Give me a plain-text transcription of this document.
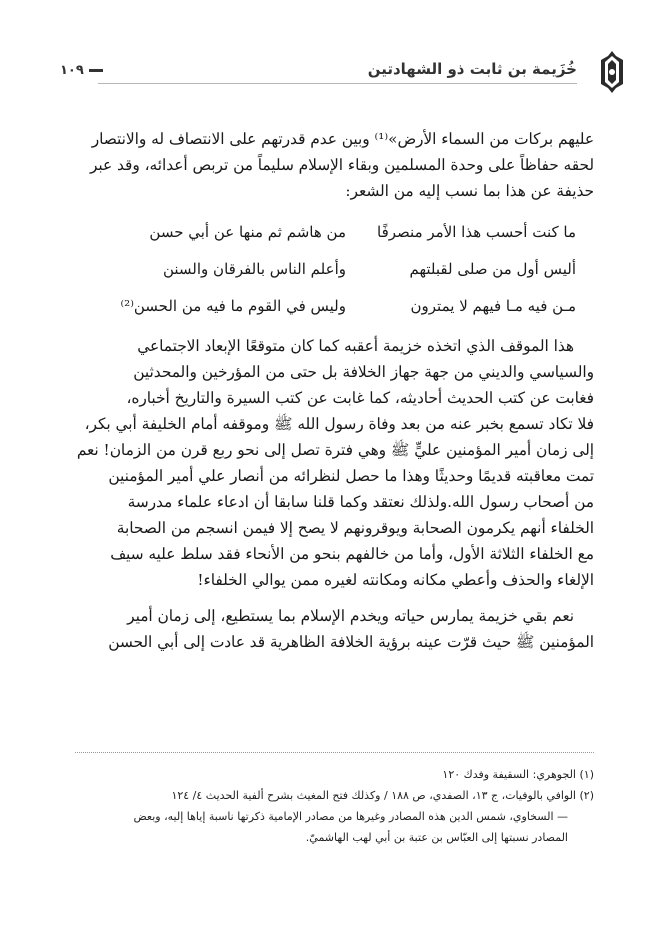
١٠٩	خُزَيمة بن ثابت ذو الشهادتين
عليهم بركات من السماء الأرض»⁽¹⁾ وبين عدم قدرتهم على الانتصاف له والانتصار
لحقه حفاظاً على وحدة المسلمين وبقاء الإسلام سليماً من تربص أعدائه، وقد عبر
حذيفة عن هذا بما نسب إليه من الشعر:
ما كنت أحسب هذا الأمر منصرفًا
من هاشم ثم منها عن أبي حسن
أليس أول من صلى لقبلتهم
وأعلم الناس بالفرقان والسنن
مـن فيه مـا فيهم لا يمترون
وليس في القوم ما فيه من الحسن⁽²⁾
هذا الموقف الذي اتخذه خزيمة أعقبه كما كان متوقعًا الإبعاد الاجتماعي
والسياسي والديني من جهة جهاز الخلافة بل حتى من المؤرخين والمحدثين
فغابت عن كتب الحديث أحاديثه، كما غابت عن كتب السيرة والتاريخ أخباره،
فلا تكاد تسمع بخبر عنه من بعد وفاة رسول الله ﷺ وموقفه أمام الخليفة أبي بكر،
إلى زمان أمير المؤمنين عليٍّ ﷺ وهي فترة تصل إلى نحو ربع قرن من الزمان! نعم
تمت معاقبته قديمًا وحديثًا وهذا ما حصل لنظرائه من أنصار علي أمير المؤمنين
من أصحاب رسول الله.ولذلك نعتقد وكما قلنا سابقا أن ادعاء علماء مدرسة
الخلفاء أنهم يكرمون الصحابة ويوقرونهم لا يصح إلا فيمن انسجم من الصحابة
مع الخلفاء الثلاثة الأول، وأما من خالفهم بنحو من الأنحاء فقد سلط عليه سيف
الإلغاء والحذف وأعطي مكانه ومكانته لغيره ممن يوالي الخلفاء!
نعم بقي خزيمة يمارس حياته ويخدم الإسلام بما يستطيع، إلى زمان أمير
المؤمنين ﷺ حيث قرّت عينه برؤية الخلافة الظاهرية قد عادت إلى أبي الحسن
(١) الجوهري: السقيفة وفدك ١٢٠
(٢) الوافي بالوفيات، ج ١٣، الصفدي، ص ١٨٨ / وكذلك فتح المغيث بشرح ألفية الحديث ٤/ ١٢٤
— السخاوي، شمس الدين هذه المصادر وغيرها من مصادر الإمامية ذكرتها ناسبة إياها إليه، وبعض
المصادر نسبتها إلى العبّاس بن عتبة بن أبي لهب الهاشميّ.
